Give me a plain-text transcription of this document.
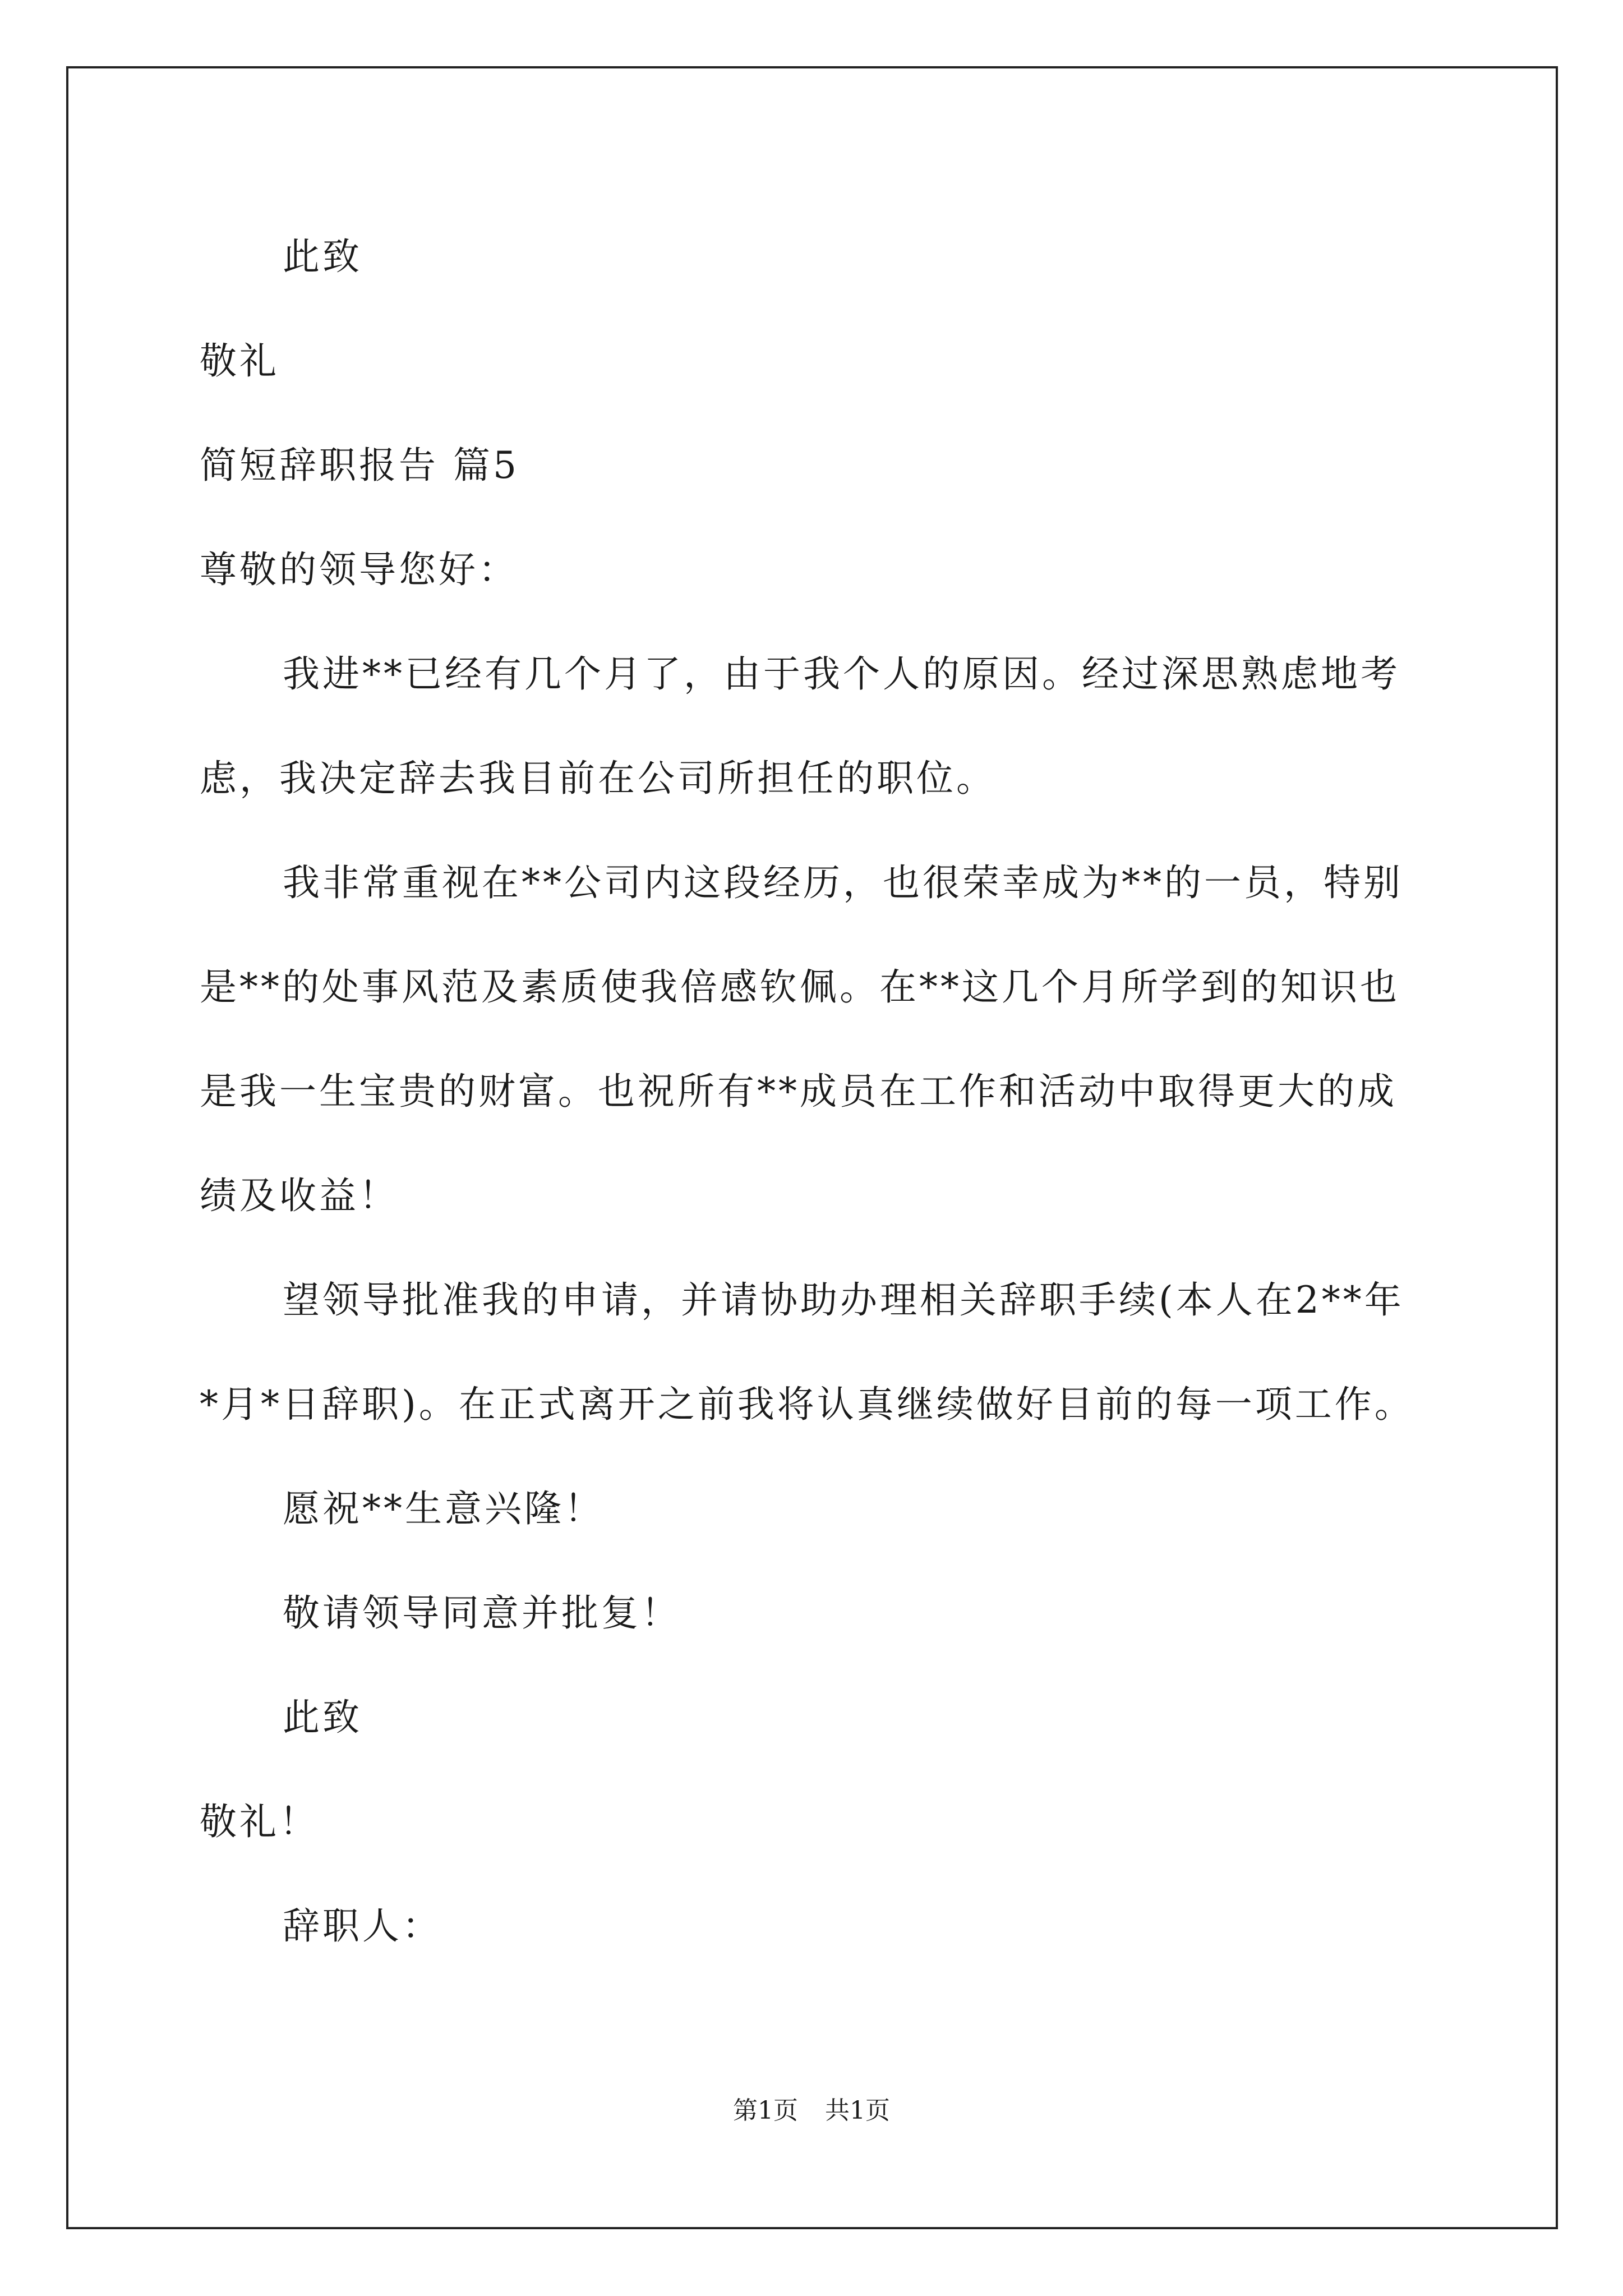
此致
敬礼
简短辞职报告 篇5
尊敬的领导您好：
我进**已经有几个月了，由于我个人的原因。经过深思熟虑地考
虑，我决定辞去我目前在公司所担任的职位。
我非常重视在**公司内这段经历，也很荣幸成为**的一员，特别
是**的处事风范及素质使我倍感钦佩。在**这几个月所学到的知识也
是我一生宝贵的财富。也祝所有**成员在工作和活动中取得更大的成
绩及收益！
望领导批准我的申请，并请协助办理相关辞职手续(本人在2**年
*月*日辞职)。在正式离开之前我将认真继续做好目前的每一项工作。
愿祝**生意兴隆！
敬请领导同意并批复！
此致
敬礼！
辞职人：
第1页 共1页
